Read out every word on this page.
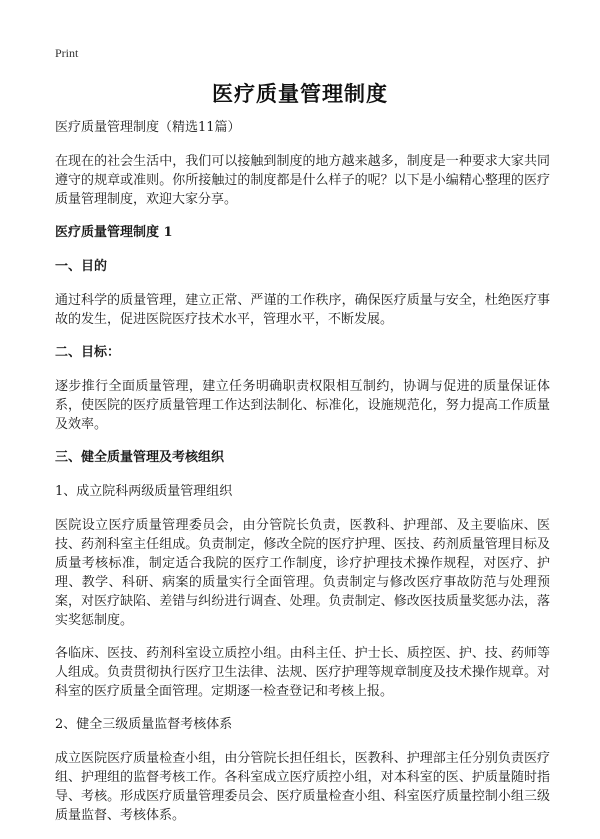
Print
医疗质量管理制度
医疗质量管理制度（精选11篇）
在现在的社会生活中，我们可以接触到制度的地方越来越多，制度是一种要求大家共同遵守的规章或准则。你所接触过的制度都是什么样子的呢？以下是小编精心整理的医疗质量管理制度，欢迎大家分享。
医疗质量管理制度 1
一、目的
通过科学的质量管理，建立正常、严谨的工作秩序，确保医疗质量与安全，杜绝医疗事故的发生，促进医院医疗技术水平，管理水平，不断发展。
二、目标：
逐步推行全面质量管理，建立任务明确职责权限相互制约，协调与促进的质量保证体系，使医院的医疗质量管理工作达到法制化、标准化，设施规范化，努力提高工作质量及效率。
三、健全质量管理及考核组织
1、成立院科两级质量管理组织
医院设立医疗质量管理委员会，由分管院长负责，医教科、护理部、及主要临床、医技、药剂科室主任组成。负责制定，修改全院的医疗护理、医技、药剂质量管理目标及质量考核标准，制定适合我院的医疗工作制度，诊疗护理技术操作规程，对医疗、护理、教学、科研、病案的质量实行全面管理。负责制定与修改医疗事故防范与处理预案，对医疗缺陷、差错与纠纷进行调查、处理。负责制定、修改医技质量奖惩办法，落实奖惩制度。
各临床、医技、药剂科室设立质控小组。由科主任、护士长、质控医、护、技、药师等人组成。负责贯彻执行医疗卫生法律、法规、医疗护理等规章制度及技术操作规章。对科室的医疗质量全面管理。定期逐一检查登记和考核上报。
2、健全三级质量监督考核体系
成立医院医疗质量检查小组，由分管院长担任组长，医教科、护理部主任分别负责医疗组、护理组的监督考核工作。各科室成立医疗质控小组，对本科室的医、护质量随时指导、考核。形成医疗质量管理委员会、医疗质量检查小组、科室医疗质量控制小组三级质量监督、考核体系。
